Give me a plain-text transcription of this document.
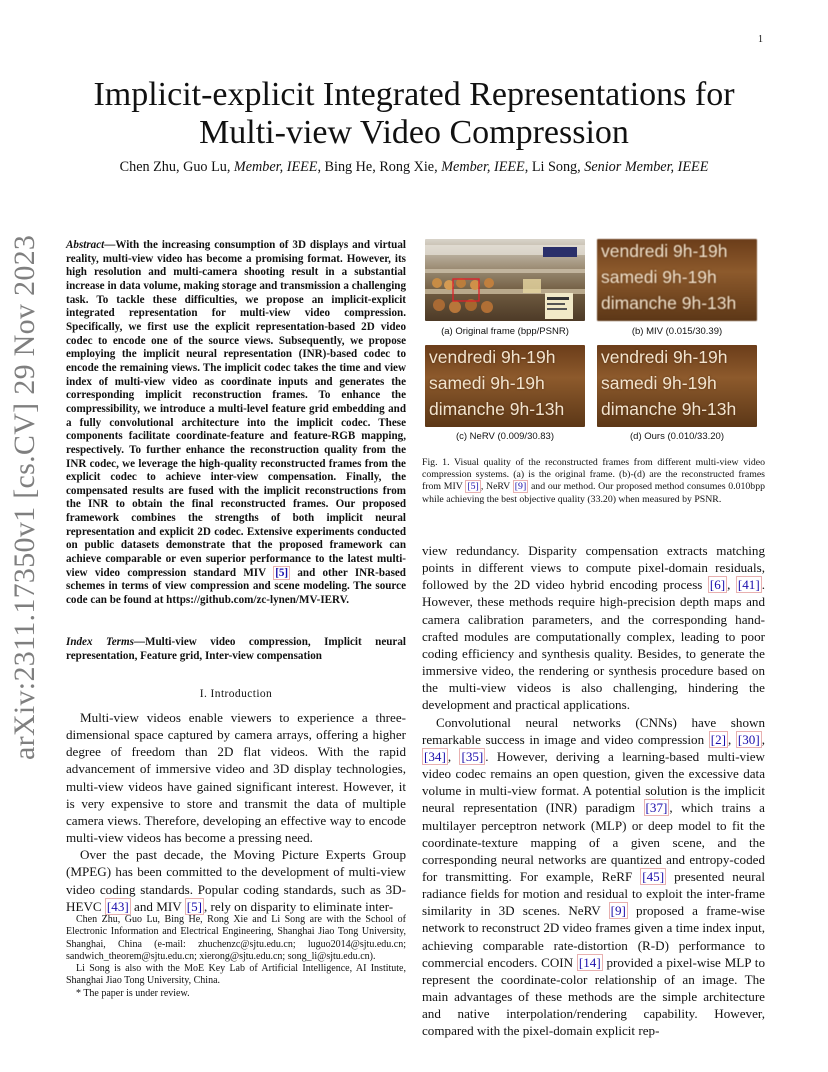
1
arXiv:2311.17350v1 [cs.CV] 29 Nov 2023
Implicit-explicit Integrated Representations for Multi-view Video Compression
Chen Zhu, Guo Lu, Member, IEEE, Bing He, Rong Xie, Member, IEEE, Li Song, Senior Member, IEEE
Abstract—With the increasing consumption of 3D displays and virtual reality, multi-view video has become a promising format. However, its high resolution and multi-camera shooting result in a substantial increase in data volume, making storage and transmission a challenging task. To tackle these difficulties, we propose an implicit-explicit integrated representation for multi-view video compression. Specifically, we first use the explicit representation-based 2D video codec to encode one of the source views. Subsequently, we propose employing the implicit neural representation (INR)-based codec to encode the remaining views. The implicit codec takes the time and view index of multi-view video as coordinate inputs and generates the corresponding implicit reconstruction frames. To enhance the compressibility, we introduce a multi-level feature grid embedding and a fully convolutional architecture into the implicit codec. These components facilitate coordinate-feature and feature-RGB mapping, respectively. To further enhance the reconstruction quality from the INR codec, we leverage the high-quality reconstructed frames from the explicit codec to achieve inter-view compensation. Finally, the compensated results are fused with the implicit reconstructions from the INR to obtain the final reconstructed frames. Our proposed framework combines the strengths of both implicit neural representation and explicit 2D codec. Extensive experiments conducted on public datasets demonstrate that the proposed framework can achieve comparable or even superior performance to the latest multi-view video compression standard MIV [5] and other INR-based schemes in terms of view compression and scene modeling. The source code can be found at https://github.com/zc-lynen/MV-IERV.
Index Terms—Multi-view video compression, Implicit neural representation, Feature grid, Inter-view compensation
I. Introduction

Multi-view videos enable viewers to experience a three-dimensional space captured by camera arrays, offering a higher degree of freedom than 2D flat videos. With the rapid advancement of immersive video and 3D display technologies, multi-view videos have gained significant interest. However, it is very expensive to store and transmit the data of multiple camera views. Therefore, developing an effective way to encode multi-view videos has become a pressing need.

Over the past decade, the Moving Picture Experts Group (MPEG) has been committed to the development of multi-view video coding standards. Popular coding standards, such as 3D-HEVC [43] and MIV [5] , rely on disparity to eliminate inter-

Chen Zhu, Guo Lu, Bing He, Rong Xie and Li Song are with the School of Electronic Information and Electrical Engineering, Shanghai Jiao Tong University, Shanghai, China (e-mail: zhuchenzc@sjtu.edu.cn; luguo2014@sjtu.edu.cn; sandwich_theorem@sjtu.edu.cn; xierong@sjtu.edu.cn; song_li@sjtu.edu.cn).

Li Song is also with the MoE Key Lab of Artificial Intelligence, AI Institute, Shanghai Jiao Tong University, China.

* The paper is under review.

(a) Original frame (bpp/PSNR)
vendredi 9h-19h
samedi 9h-19h
dimanche 9h-13h
(b) MIV (0.015/30.39)
vendredi 9h-19h
samedi 9h-19h
dimanche 9h-13h
(c) NeRV (0.009/30.83)
vendredi 9h-19h
samedi 9h-19h
dimanche 9h-13h
(d) Ours (0.010/33.20)
Fig. 1. Visual quality of the reconstructed frames from different multi-view video compression systems. (a) is the original frame. (b)-(d) are the reconstructed frames from MIV [5] , NeRV [9] and our method. Our proposed method consumes 0.010bpp while achieving the best objective quality (33.20) when measured by PSNR.

view redundancy. Disparity compensation extracts matching points in different views to compute pixel-domain residuals, followed by the 2D video hybrid encoding process [6] , [41] . However, these methods require high-precision depth maps and camera calibration parameters, and the corresponding hand-crafted modules are computationally complex, leading to poor coding efficiency and synthesis quality. Besides, to generate the immersive video, the rendering or synthesis procedure based on the multi-view videos is also challenging, hindering the development and practical applications.

Convolutional neural networks (CNNs) have shown remarkable success in image and video compression [2] , [30] , [34] , [35] . However, deriving a learning-based multi-view video codec remains an open question, given the excessive data volume in multi-view format. A potential solution is the implicit neural representation (INR) paradigm [37] , which trains a multilayer perceptron network (MLP) or deep model to fit the coordinate-texture mapping of a given scene, and the corresponding neural networks are quantized and entropy-coded for transmitting. For example, ReRF [45] presented neural radiance fields for motion and residual to exploit the inter-frame similarity in 3D scenes. NeRV [9] proposed a frame-wise network to reconstruct 2D video frames given a time index input, achieving comparable rate-distortion (R-D) performance to commercial encoders. COIN [14] provided a pixel-wise MLP to represent the coordinate-color relationship of an image. The main advantages of these methods are the simple architecture and native interpolation/rendering capability. However, compared with the pixel-domain explicit rep-
